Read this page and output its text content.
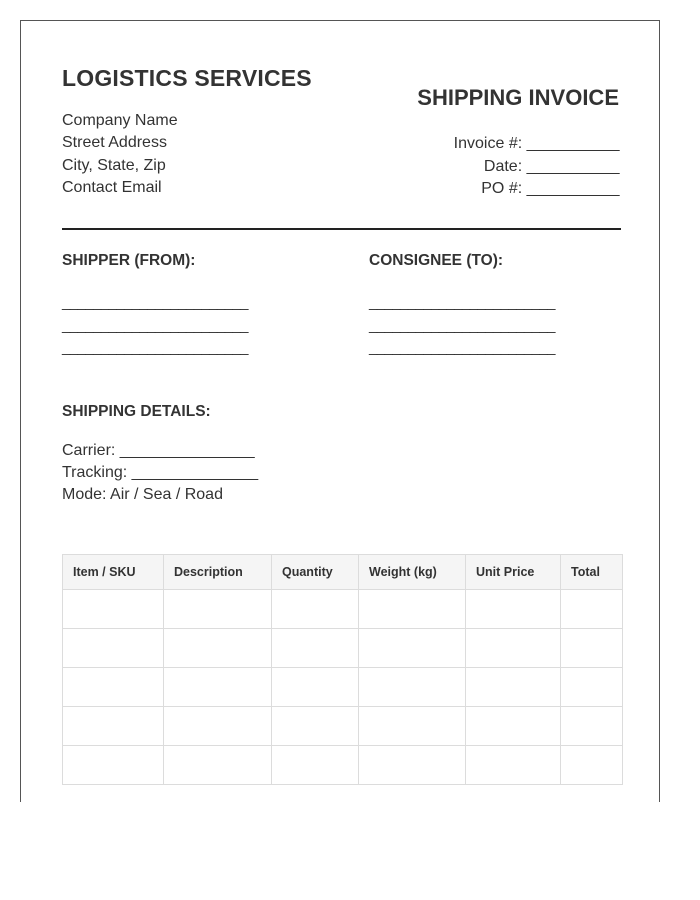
LOGISTICS SERVICES
Company Name
Street Address
City, State, Zip
Contact Email
SHIPPING INVOICE
Invoice #: ___________
Date: ___________
PO #: ___________
SHIPPER (FROM):
________________________
________________________
________________________
CONSIGNEE (TO):
________________________
________________________
________________________
SHIPPING DETAILS:
Carrier: ________________
Tracking: _______________
Mode: Air / Sea / Road
Item / SKU	Description	Quantity	Weight (kg)	Unit Price	Total
